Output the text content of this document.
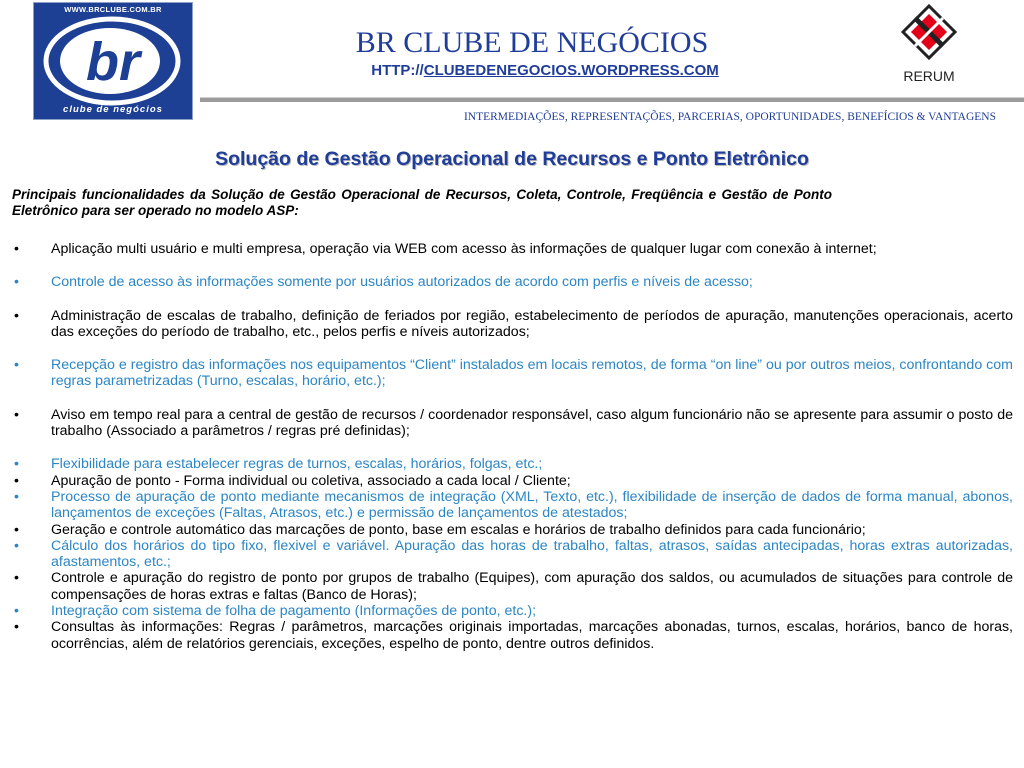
WWW.BRCLUBE.COM.BR
br
clube de negócios
BR CLUBE DE NEGÓCIOS
HTTP://CLUBEDENEGOCIOS.WORDPRESS.COM	RERUM
INTERMEDIAÇÕES, REPRESENTAÇÕES, PARCERIAS, OPORTUNIDADES, BENEFÍCIOS & VANTAGENS
Solução de Gestão Operacional de Recursos e Ponto Eletrônico
Principais funcionalidades da Solução de Gestão Operacional de Recursos, Coleta, Controle, Freqüência e Gestão de Ponto Eletrônico para ser operado no modelo ASP:
• Aplicação multi usuário e multi empresa, operação via WEB com acesso às informações de qualquer lugar com conexão à internet;
• Controle de acesso às informações somente por usuários autorizados de acordo com perfis e níveis de acesso;
• Administração de escalas de trabalho, definição de feriados por região, estabelecimento de períodos de apuração, manutenções operacionais, acerto das exceções do período de trabalho, etc., pelos perfis e níveis autorizados;
• Recepção e registro das informações nos equipamentos “Client” instalados em locais remotos, de forma “on line” ou por outros meios, confrontando com regras parametrizadas (Turno, escalas, horário, etc.);
• Aviso em tempo real para a central de gestão de recursos / coordenador responsável, caso algum funcionário não se apresente para assumir o posto de trabalho (Associado a parâmetros / regras pré definidas);
• Flexibilidade para estabelecer regras de turnos, escalas, horários, folgas, etc.;
• Apuração de ponto - Forma individual ou coletiva, associado a cada local / Cliente;
• Processo de apuração de ponto mediante mecanismos de integração (XML, Texto, etc.), flexibilidade de inserção de dados de forma manual, abonos, lançamentos de exceções (Faltas, Atrasos, etc.) e permissão de lançamentos de atestados;
• Geração e controle automático das marcações de ponto, base em escalas e horários de trabalho definidos para cada funcionário;
• Cálculo dos horários do tipo fixo, flexivel e variável. Apuração das horas de trabalho, faltas, atrasos, saídas antecipadas, horas extras autorizadas, afastamentos, etc.;
• Controle e apuração do registro de ponto por grupos de trabalho (Equipes), com apuração dos saldos, ou acumulados de situações para controle de compensações de horas extras e faltas (Banco de Horas);
• Integração com sistema de folha de pagamento (Informações de ponto, etc.);
• Consultas às informações: Regras / parâmetros, marcações originais importadas, marcações abonadas, turnos, escalas, horários, banco de horas, ocorrências, além de relatórios gerenciais, exceções, espelho de ponto, dentre outros definidos.
